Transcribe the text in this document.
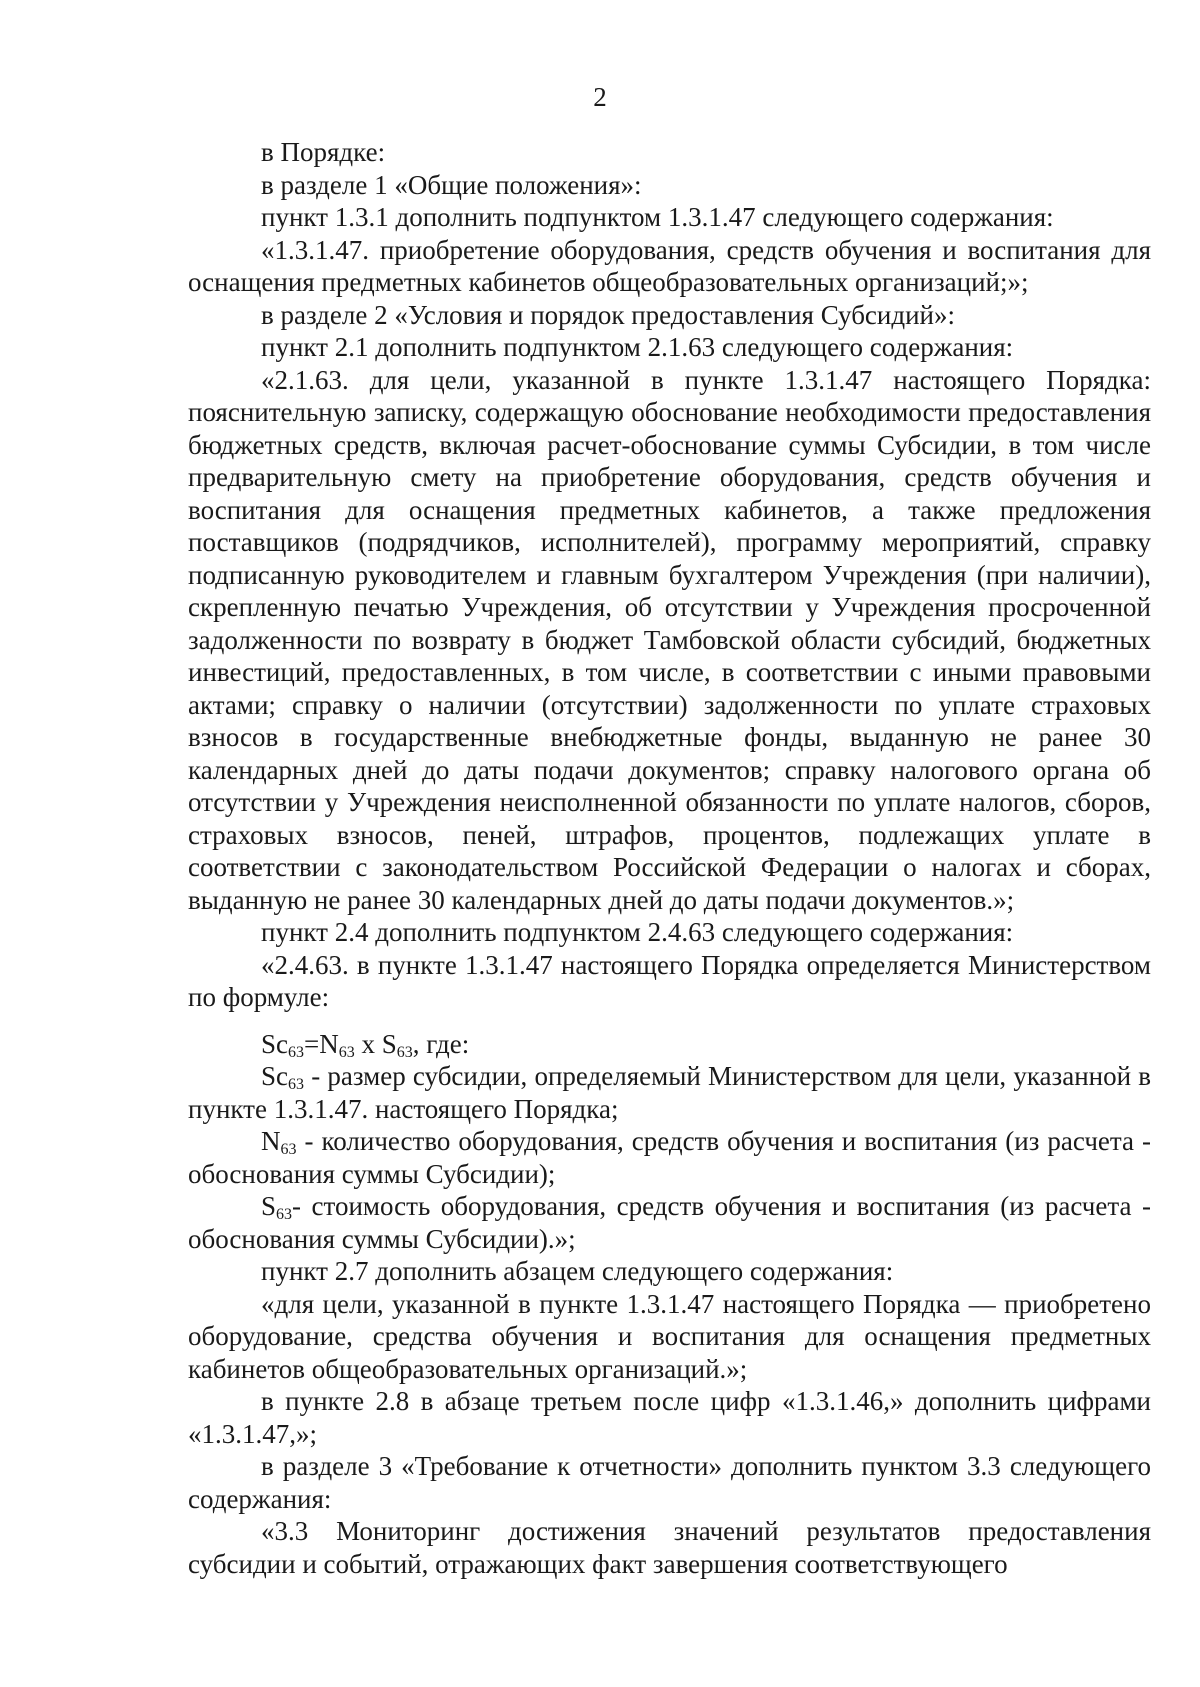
2

в Порядке:

в разделе 1 «Общие положения»:

пункт 1.3.1 дополнить подпунктом 1.3.1.47 следующего содержания:

«1.3.1.47. приобретение оборудования, средств обучения и воспитания для оснащения предметных кабинетов общеобразовательных организаций;»;

в разделе 2 «Условия и порядок предоставления Субсидий»:

пункт 2.1 дополнить подпунктом 2.1.63 следующего содержания:

«2.1.63. для цели, указанной в пункте 1.3.1.47 настоящего Порядка: пояснительную записку, содержащую обоснование необходимости предоставления бюджетных средств, включая расчет-обоснование суммы Субсидии, в том числе предварительную смету на приобретение оборудования, средств обучения и воспитания для оснащения предметных кабинетов, а также предложения поставщиков (подрядчиков, исполнителей), программу мероприятий, справку подписанную руководителем и главным бухгалтером Учреждения (при наличии), скрепленную печатью Учреждения, об отсутствии у Учреждения просроченной задолженности по возврату в бюджет Тамбовской области субсидий, бюджетных инвестиций, предоставленных, в том числе, в соответствии с иными правовыми актами; справку о наличии (отсутствии) задолженности по уплате страховых взносов в государственные внебюджетные фонды, выданную не ранее 30 календарных дней до даты подачи документов; справку налогового органа об отсутствии у Учреждения неисполненной обязанности по уплате налогов, сборов, страховых взносов, пеней, штрафов, процентов, подлежащих уплате в соответствии с законодательством Российской Федерации о налогах и сборах, выданную не ранее 30 календарных дней до даты подачи документов.»;

пункт 2.4 дополнить подпунктом 2.4.63 следующего содержания:

«2.4.63. в пункте 1.3.1.47 настоящего Порядка определяется Министерством по формуле:

$Sc_{63}=N_{63}$ x $S_{63}$, где:

$Sc_{63}$ - размер субсидии, определяемый Министерством для цели, указанной в пункте 1.3.1.47. настоящего Порядка;

$N_{63}$ - количество оборудования, средств обучения и воспитания (из расчета - обоснования суммы Субсидии);

$S_{63}-$ стоимость оборудования, средств обучения и воспитания (из расчета - обоснования суммы Субсидии).»;

пункт 2.7 дополнить абзацем следующего содержания:

«для цели, указанной в пункте 1.3.1.47 настоящего Порядка — приобретено оборудование, средства обучения и воспитания для оснащения предметных кабинетов общеобразовательных организаций.»;

в пункте 2.8 в абзаце третьем после цифр «1.3.1.46,» дополнить цифрами «1.3.1.47,»;

в разделе 3 «Требование к отчетности» дополнить пунктом 3.3 следующего содержания:

«3.3 Мониторинг достижения значений результатов предоставления субсидии и событий, отражающих факт завершения соответствующего
